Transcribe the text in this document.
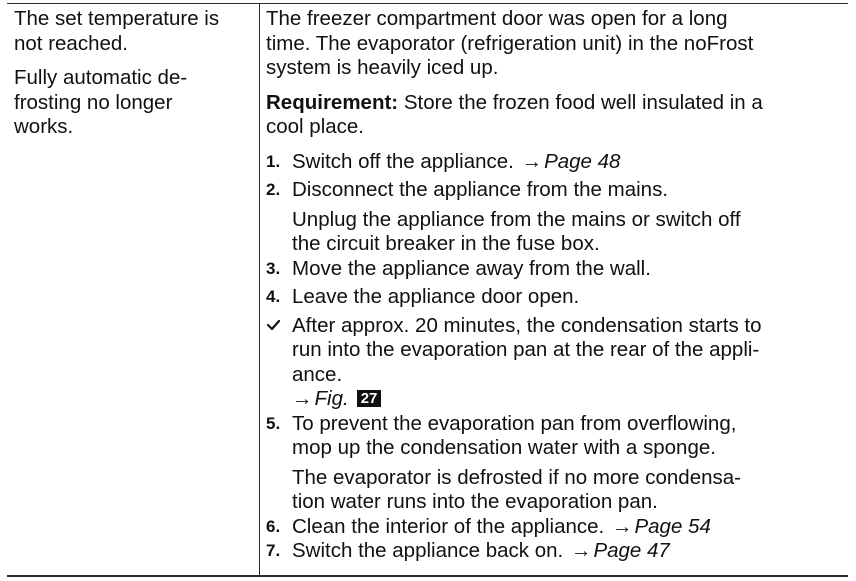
The set temperature is
not reached.

Fully automatic de-
frosting no longer
works.

The freezer compartment door was open for a long
time. The evaporator (refrigeration unit) in the noFrost
system is heavily iced up.

Requirement: Store the frozen food well insulated in a
cool place.

1. Switch off the appliance. →Page 48
2. Disconnect the appliance from the mains.
Unplug the appliance from the mains or switch off
the circuit breaker in the fuse box.
3. Move the appliance away from the wall.
4. Leave the appliance door open.
After approx. 20 minutes, the condensation starts to
run into the evaporation pan at the rear of the appli-
ance.
→Fig. 27
5. To prevent the evaporation pan from overflowing,
mop up the condensation water with a sponge.
The evaporator is defrosted if no more condensa-
tion water runs into the evaporation pan.
6. Clean the interior of the appliance. →Page 54
7. Switch the appliance back on. →Page 47
